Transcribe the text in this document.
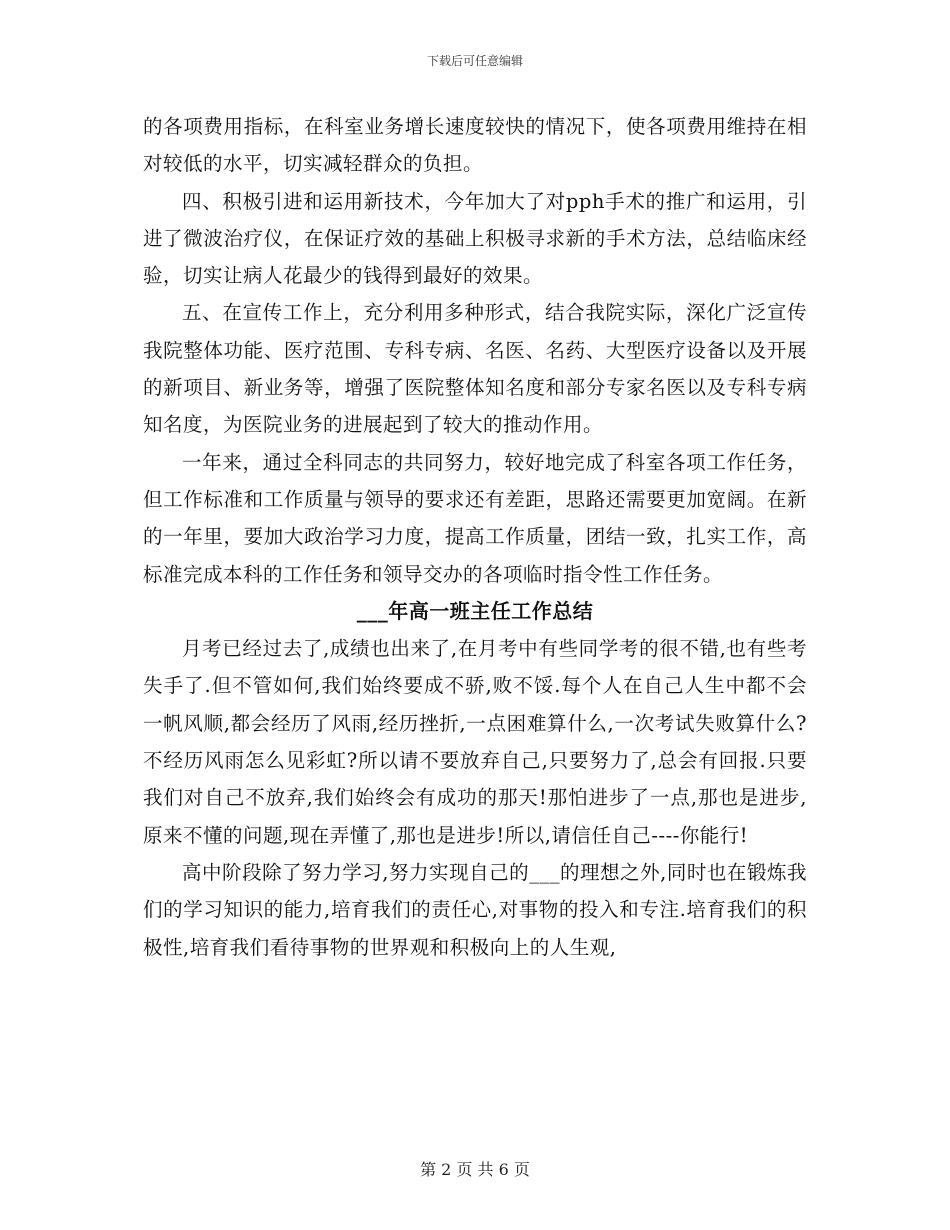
下载后可任意编辑

的各项费用指标，在科室业务增长速度较快的情况下，使各项费用维持在相对较低的水平，切实减轻群众的负担。

四、积极引进和运用新技术，今年加大了对pph手术的推广和运用，引进了微波治疗仪，在保证疗效的基础上积极寻求新的手术方法，总结临床经验，切实让病人花最少的钱得到最好的效果。

五、在宣传工作上，充分利用多种形式，结合我院实际，深化广泛宣传我院整体功能、医疗范围、专科专病、名医、名药、大型医疗设备以及开展的新项目、新业务等，增强了医院整体知名度和部分专家名医以及专科专病知名度，为医院业务的进展起到了较大的推动作用。

一年来，通过全科同志的共同努力，较好地完成了科室各项工作任务，但工作标准和工作质量与领导的要求还有差距，思路还需要更加宽阔。在新的一年里，要加大政治学习力度，提高工作质量，团结一致，扎实工作，高标准完成本科的工作任务和领导交办的各项临时指令性工作任务。

___年高一班主任工作总结

月考已经过去了,成绩也出来了,在月考中有些同学考的很不错,也有些考失手了.但不管如何,我们始终要成不骄,败不馁.每个人在自己人生中都不会一帆风顺,都会经历了风雨,经历挫折,一点困难算什么,一次考试失败算什么?不经历风雨怎么见彩虹?所以请不要放弃自己,只要努力了,总会有回报.只要我们对自己不放弃,我们始终会有成功的那天!那怕进步了一点,那也是进步,原来不懂的问题,现在弄懂了,那也是进步!所以,请信任自己----你能行!

高中阶段除了努力学习,努力实现自己的___的理想之外,同时也在锻炼我们的学习知识的能力,培育我们的责任心,对事物的投入和专注.培育我们的积极性,培育我们看待事物的世界观和积极向上的人生观,

第 2 页 共 6 页
